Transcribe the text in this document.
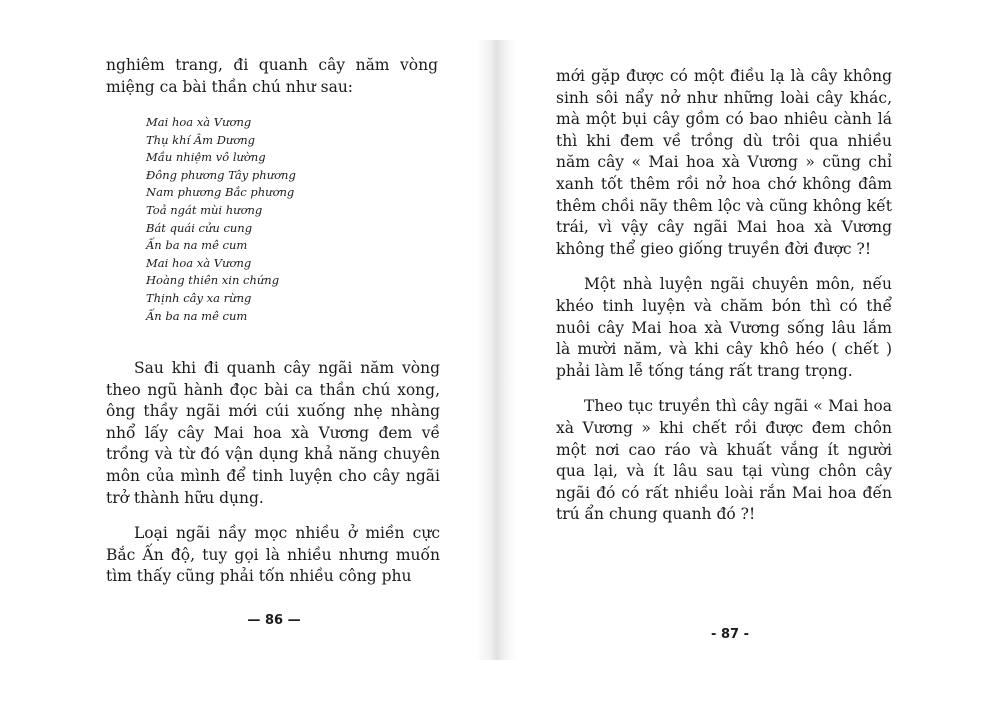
nghiêm trang, đi quanh cây năm vòng miệng ca bài thần chú như sau:

Mai hoa xà Vương
Thụ khí Âm Dương
Mầu nhiệm vô lường
Đông phương Tây phương
Nam phương Bắc phương
Toả ngát mùi hương
Bát quái cửu cung
Ấn ba na mê cum
Mai hoa xà Vương
Hoàng thiên xin chứng
Thịnh cây xa rừng
Ấn ba na mê cum

Sau khi đi quanh cây ngãi năm vòng theo ngũ hành đọc bài ca thần chú xong, ông thầy ngãi mới cúi xuống nhẹ nhàng nhổ lấy cây Mai hoa xà Vương đem về trồng và từ đó vận dụng khả năng chuyên môn của mình để tinh luyện cho cây ngãi trở thành hữu dụng.

Loại ngãi nầy mọc nhiều ở miền cực Bắc Ấn độ, tuy gọi là nhiều nhưng muốn tìm thấy cũng phải tốn nhiều công phu

— 86 —

mới gặp được có một điều lạ là cây không sinh sôi nẩy nở như những loài cây khác, mà một bụi cây gồm có bao nhiêu cành lá thì khi đem về trồng dù trôi qua nhiều năm cây « Mai hoa xà Vương » cũng chỉ xanh tốt thêm rồi nở hoa chớ không đâm thêm chồi nãy thêm lộc và cũng không kết trái, vì vậy cây ngãi Mai hoa xà Vương không thể gieo giống truyền đời được ?!

Một nhà luyện ngãi chuyên môn, nếu khéo tinh luyện và chăm bón thì có thể nuôi cây Mai hoa xà Vương sống lâu lắm là mười năm, và khi cây khô héo ( chết ) phải làm lễ tống táng rất trang trọng.

Theo tục truyền thì cây ngãi « Mai hoa xà Vương » khi chết rồi được đem chôn một nơi cao ráo và khuất vắng ít người qua lại, và ít lâu sau tại vùng chôn cây ngãi đó có rất nhiều loài rắn Mai hoa đến trú ẩn chung quanh đó ?!

- 87 -
